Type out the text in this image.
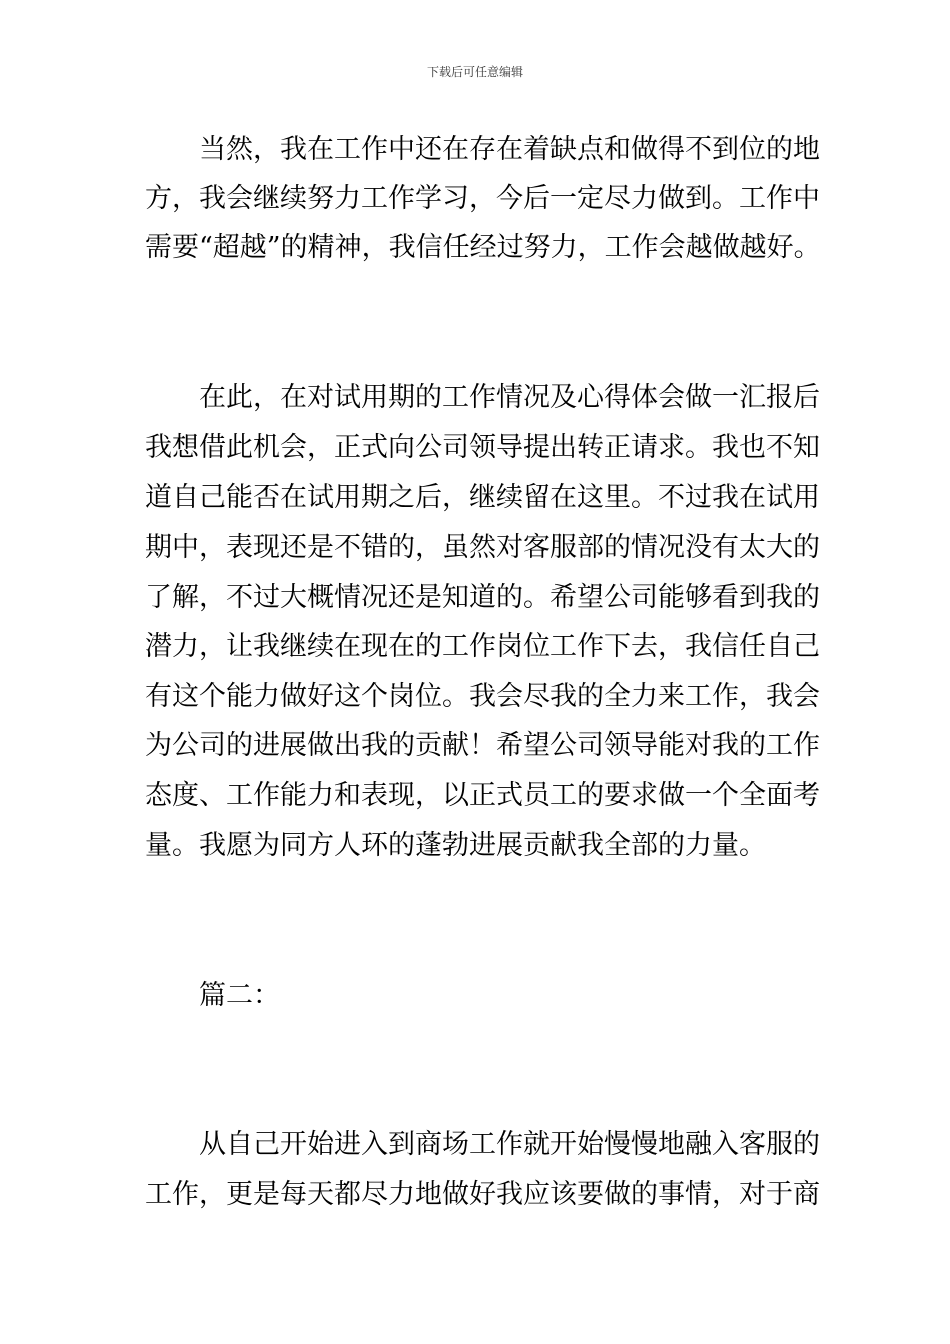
下载后可任意编辑
　　当然，我在工作中还在存在着缺点和做得不到位的地
方，我会继续努力工作学习，今后一定尽力做到。工作中
需要“超越”的精神，我信任经过努力，工作会越做越好。
　　在此，在对试用期的工作情况及心得体会做一汇报后
我想借此机会，正式向公司领导提出转正请求。我也不知
道自己能否在试用期之后，继续留在这里。不过我在试用
期中，表现还是不错的，虽然对客服部的情况没有太大的
了解，不过大概情况还是知道的。希望公司能够看到我的
潜力，让我继续在现在的工作岗位工作下去，我信任自己
有这个能力做好这个岗位。我会尽我的全力来工作，我会
为公司的进展做出我的贡献！希望公司领导能对我的工作
态度、工作能力和表现，以正式员工的要求做一个全面考
量。我愿为同方人环的蓬勃进展贡献我全部的力量。
　　篇二：
　　从自己开始进入到商场工作就开始慢慢地融入客服的
工作，更是每天都尽力地做好我应该要做的事情，对于商
